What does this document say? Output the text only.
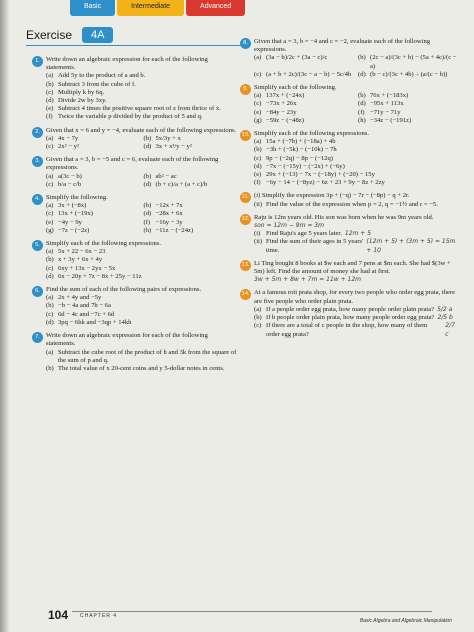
Basic	Intermediate	Advanced
Exercise	4A
1. Write down an algebraic expression for each of the following statements.
(a) Add 5y to the product of a and b.
(b) Subtract 3 from the cube of f.
(c) Multiply k by 6q.
(d) Divide 2w by 3xy.
(e) Subtract 4 times the positive square root of z from thrice of x.
(f) Twice the variable p divided by the product of 5 and q.
2. Given that x = 6 and y = −4, evaluate each of the following expressions.
(a) 4x − 7y	(b) 5x/3y + x
(c) 2x² − y²	(d) 3x + x³/y − y²
3. Given that a = 3, b = −5 and c = 6, evaluate each of the following expressions.
(a) a(3c − b)	(b) ab² − ac
(c) b/a − c/b	(d) (b + c)/a + (a + c)/b
4. Simplify the following.
(a) 3x + (−8x)	(b) −12x + 7x
(c) 13x + (−19x)	(d) −28x + 6x
(e) −4y − 9y	(f) −16y − 3y
(g) −7z − (−2z)	(h) −11z − (−24z)
5. Simplify each of the following expressions.
(a) 5x + 22 − 6x − 23
(b) x + 3y + 6x + 4y
(c) 6xy + 13x − 2yx − 5x
(d) 6x − 20y + 7z − 8x + 25y − 11z
6. Find the sum of each of the following pairs of expressions.
(a) 2x + 4y and −5y
(b) −b − 4a and 7b − 6a
(c) 6d − 4c and −7c + 6d
(d) 3pq − 6hk and −3qp + 14kh
7. Write down an algebraic expression for each of the following statements.
(a) Subtract the cube root of the product of h and 3k from the square of the sum of p and q.
(b) The total value of x 20-cent coins and y 5-dollar notes in cents.
8. Given that a = 3, b = −4 and c = −2, evaluate each of the following expressions.
(a) (3a − b)/2c + (3a − c)/c	(b) (2c − a)/(3c + b) − (5a + 4c)/(c − a)
(c) (a + b + 2c)/(3c − a − b) − 5c/4b (d) (b − c)/(3c + 4b) ÷ (a/(c − b))
9. Simplify each of the following.
(a) 137x + (−24x)	(b) 76x + (−183x)
(c) −73x + 26x	(d) −95x + 113x
(e) −84y − 23y	(f) −71y − 71y
(g) −59z − (−48z)	(h) −34z − (−191z)
10. Simplify each of the following expressions.
(a) 15a + (−7b) + (−18a) + 4b
(b) −3h + (−5k) − (−10k) − 7h
(c) 9p − (−2q) − 8p − (−12q)
(d) −7x − (−15y) − (−2x) + (−6y)
(e) 29x + (−13) − 7x − (−18y) + (−20) − 15y
(f) −6y − 14 − (−8yz) − 6z + 23 + 9y − 8z + 2zy
11. (i) Simplify the expression 3p + (−q) − 7r − (−8p) − q + 2r.
(ii) Find the value of the expression when p = 2, q = −1½ and r = −5.
12. Raju is 12m years old. His son was born when he was 9m years old.
son = 12m − 9m = 3m
(i) Find Raju's age 5 years later. 12m + 5
(ii) Find the sum of their ages in 5 years' time.
(12m + 5) + (3m + 5) = 15m + 10
13. Li Ting bought 8 books at $w each and 7 pens at $m each. She had $(3w + 5m) left. Find the amount of money she had at first.
3w + 5m + 8w + 7m = 11w + 12m
14. At a famous roti prata shop, for every two people who order egg prata, there are five people who order plain prata.
(a) If a people order egg prata, how many people order plain prata? 5/2 a
(b) If b people order plain prata, how many people order egg prata? 2/5 b
(c) If there are a total of c people in the shop, how many of them order egg prata?
2/7 c
104 CHAPTER 4
Basic Algebra and Algebraic Manipulation
